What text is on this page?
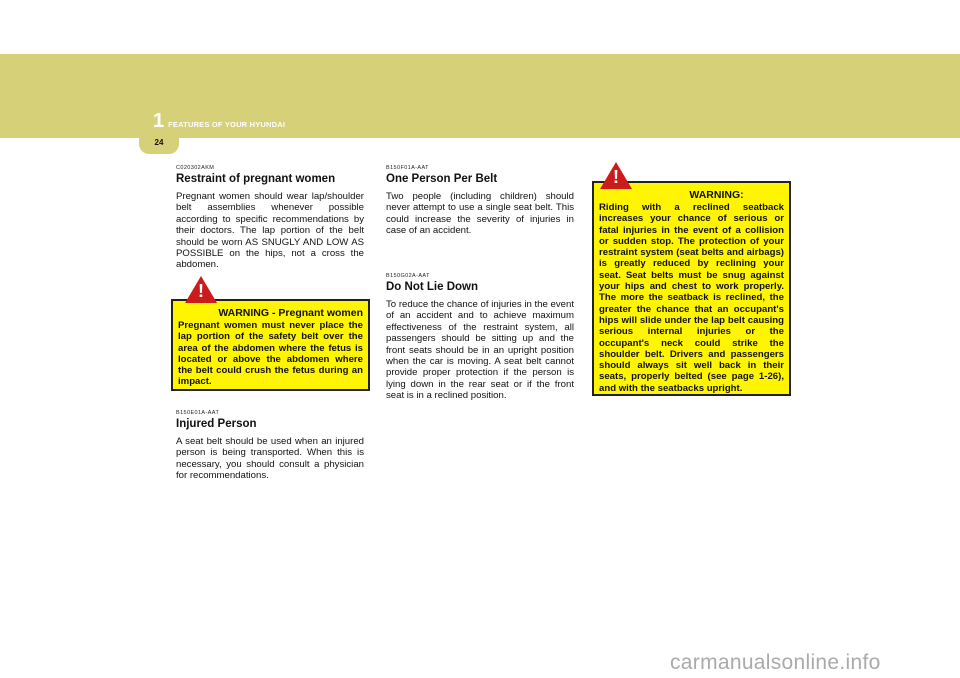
1 FEATURES OF YOUR HYUNDAI
24
C020302AKM
Restraint of pregnant women

Pregnant women should wear lap/shoulder belt assemblies whenever possible according to specific recommendations by their doctors. The lap portion of the belt should be worn AS SNUGLY AND LOW AS POSSIBLE on the hips, not a cross the abdomen.

WARNING - Pregnant women

Pregnant women must never place the lap portion of the safety belt over the area of the abdomen where the fetus is located or above the abdomen where the belt could crush the fetus during an impact.

!
B150E01A-AAT
Injured Person

A seat belt should be used when an injured person is being transported. When this is necessary, you should consult a physician for recommendations.

B150F01A-AAT
One Person Per Belt

Two people (including children) should never attempt to use a single seat belt. This could increase the severity of injuries in case of an accident.

B150G02A-AAT
Do Not Lie Down

To reduce the chance of injuries in the event of an accident and to achieve maximum effectiveness of the restraint system, all passengers should be sitting up and the front seats should be in an upright position when the car is moving. A seat belt cannot provide proper protection if the person is lying down in the rear seat or if the front seat is in a reclined position.

WARNING:

Riding with a reclined seatback increases your chance of serious or fatal injuries in the event of a collision or sudden stop. The protection of your restraint system (seat belts and airbags) is greatly reduced by reclining your seat. Seat belts must be snug against your hips and chest to work properly. The more the seatback is reclined, the greater the chance that an occupant's hips will slide under the lap belt causing serious internal injuries or the occupant's neck could strike the shoulder belt. Drivers and passengers should always sit well back in their seats, properly belted (see page 1-26), and with the seatbacks upright.

!
carmanualsonline.info
